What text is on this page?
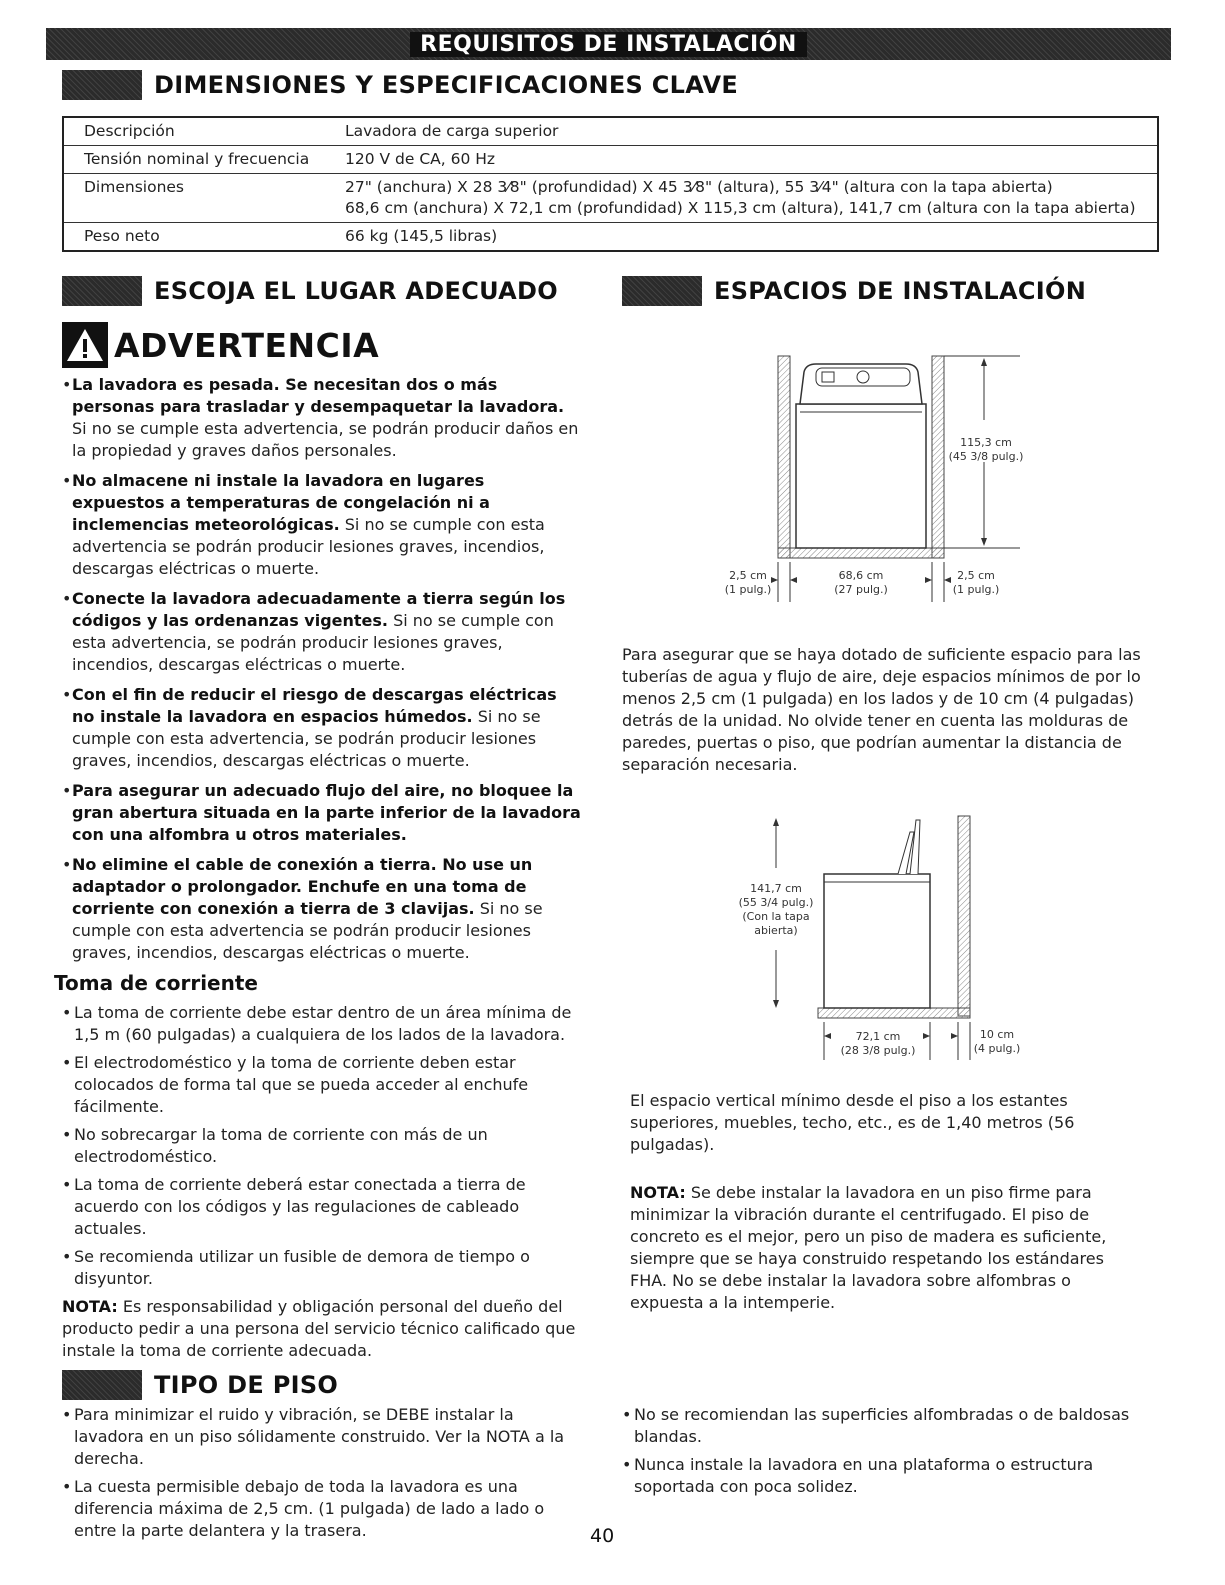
REQUISITOS DE INSTALACIÓN
DIMENSIONES Y ESPECIFICACIONES CLAVE
Descripción	Lavadora de carga superior
Tensión nominal y frecuencia	120 V de CA, 60 Hz
Dimensiones	27" (anchura) X 28 3⁄8" (profundidad) X 45 3⁄8" (altura), 55 3⁄4" (altura con la tapa abierta)
68,6 cm (anchura) X 72,1 cm (profundidad) X 115,3 cm (altura), 141,7 cm (altura con la tapa abierta)

Peso neto	66 kg (145,5 libras)
ESCOJA EL LUGAR ADECUADO	ESPACIOS DE INSTALACIÓN
ADVERTENCIA
• La lavadora es pesada. Se necesitan dos o más personas para trasladar y desempaquetar la lavadora. Si no se cumple esta advertencia, se podrán producir daños en la propiedad y graves daños personales.
• No almacene ni instale la lavadora en lugares expuestos a temperaturas de congelación ni a inclemencias meteorológicas. Si no se cumple con esta advertencia se podrán producir lesiones graves, incendios, descargas eléctricas o muerte.
• Conecte la lavadora adecuadamente a tierra según los códigos y las ordenanzas vigentes. Si no se cumple con esta advertencia, se podrán producir lesiones graves, incendios, descargas eléctricas o muerte.
• Con el fin de reducir el riesgo de descargas eléctricas no instale la lavadora en espacios húmedos. Si no se cumple con esta advertencia, se podrán producir lesiones graves, incendios, descargas eléctricas o muerte.
• Para asegurar un adecuado flujo del aire, no bloquee la gran abertura situada en la parte inferior de la lavadora con una alfombra u otros materiales.
• No elimine el cable de conexión a tierra. No use un adaptador o prolongador. Enchufe en una toma de corriente con conexión a tierra de 3 clavijas. Si no se cumple con esta advertencia se podrán producir lesiones graves, incendios, descargas eléctricas o muerte.
Toma de corriente
• La toma de corriente debe estar dentro de un área mínima de 1,5 m (60 pulgadas) a cualquiera de los lados de la lavadora.
• El electrodoméstico y la toma de corriente deben estar colocados de forma tal que se pueda acceder al enchufe fácilmente.
• No sobrecargar la toma de corriente con más de un electrodoméstico.
• La toma de corriente deberá estar conectada a tierra de acuerdo con los códigos y las regulaciones de cableado actuales.
• Se recomienda utilizar un fusible de demora de tiempo o disyuntor.

NOTA: Es responsabilidad y obligación personal del dueño del producto pedir a una persona del servicio técnico calificado que instale la toma de corriente adecuada.

TIPO DE PISO
• Para minimizar el ruido y vibración, se DEBE instalar la lavadora en un piso sólidamente construido. Ver la NOTA a la derecha.
• La cuesta permisible debajo de toda la lavadora es una diferencia máxima de 2,5 cm. (1 pulgada) de lado a lado o entre la parte delantera y la trasera.
• No se recomiendan las superficies alfombradas o de baldosas blandas.
• Nunca instale la lavadora en una plataforma o estructura soportada con poca solidez.
115,3 cm
(45 3/8 pulg.)
2,5 cm
(1 pulg.)
68,6 cm
(27 pulg.)
2,5 cm
(1 pulg.)
Para asegurar que se haya dotado de suficiente espacio para las tuberías de agua y flujo de aire, deje espacios mínimos de por lo menos 2,5 cm (1 pulgada) en los lados y de 10 cm (4 pulgadas) detrás de la unidad. No olvide tener en cuenta las molduras de paredes, puertas o piso, que podrían aumentar la distancia de separación necesaria.
141,7 cm
(55 3/4 pulg.)
(Con la tapa
abierta)
72,1 cm
(28 3/8 pulg.)
10 cm
(4 pulg.)
El espacio vertical mínimo desde el piso a los estantes superiores, muebles, techo, etc., es de 1,40 metros (56 pulgadas).
NOTA: Se debe instalar la lavadora en un piso firme para minimizar la vibración durante el centrifugado. El piso de concreto es el mejor, pero un piso de madera es suficiente, siempre que se haya construido respetando los estándares FHA. No se debe instalar la lavadora sobre alfombras o expuesta a la intemperie.
40
